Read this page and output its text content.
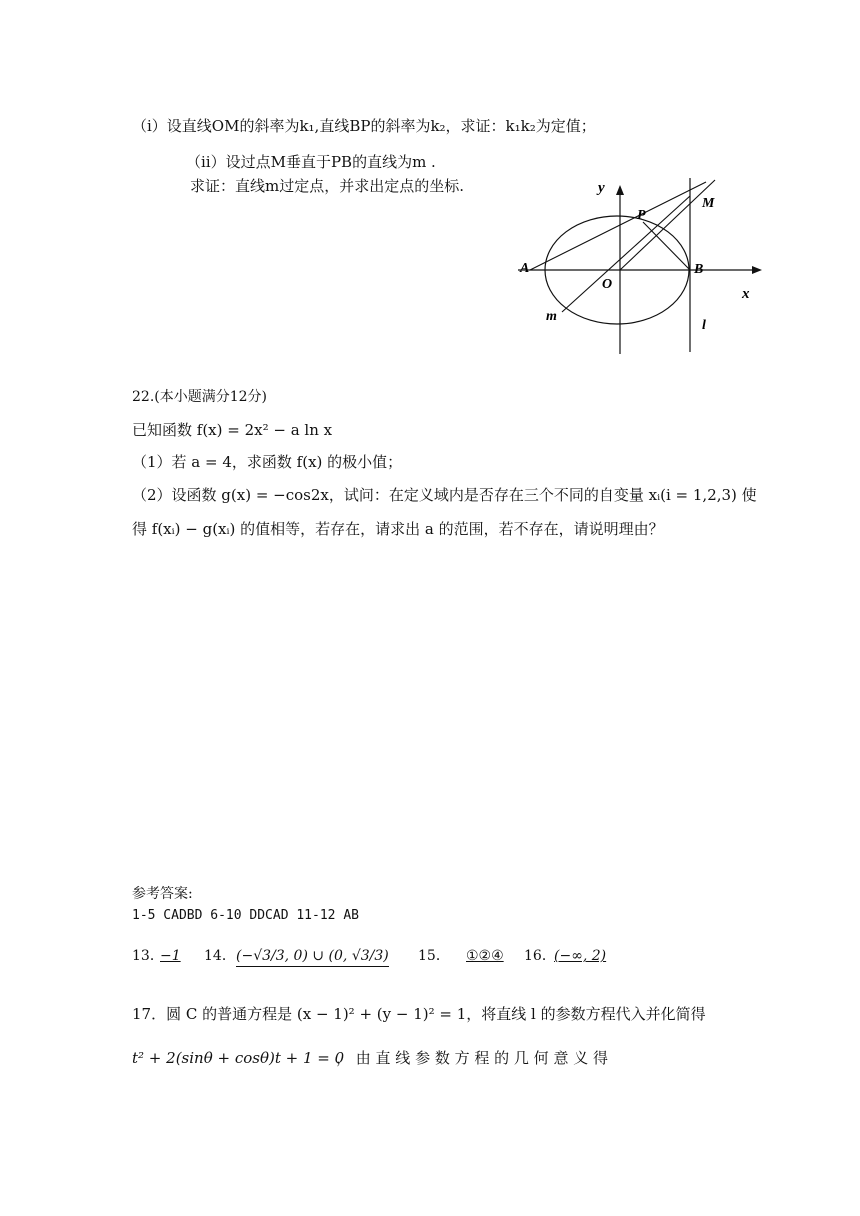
（ⅰ）设直线OM的斜率为k₁,直线BP的斜率为k₂，求证：k₁k₂为定值；
（ⅱ）设过点M垂直于PB的直线为m .
求证：直线m过定点，并求出定点的坐标.	y
M
P
A	B
O
x
m
l
22.(本小题满分12分)
已知函数 f(x) = 2x² − a ln x
（1）若 a = 4，求函数 f(x) 的极小值；
（2）设函数 g(x) = −cos2x，试问：在定义域内是否存在三个不同的自变量 xᵢ(i = 1,2,3) 使
得 f(xᵢ) − g(xᵢ) 的值相等，若存在，请求出 a 的范围，若不存在，请说明理由？
参考答案:
1-5 CADBD 6-10 DDCAD 11-12 AB
13．
−1 14． (−√3/3, 0) ∪ (0, √3/3) 15． ①②④ 16．
(−∞, 2)
17．圆 C 的普通方程是 (x − 1)² + (y − 1)² = 1，将直线 l 的参数方程代入并化简得
t² + 2(sinθ + cosθ)t + 1 = 0
， 由 直 线 参 数 方 程 的 几 何 意 义 得
